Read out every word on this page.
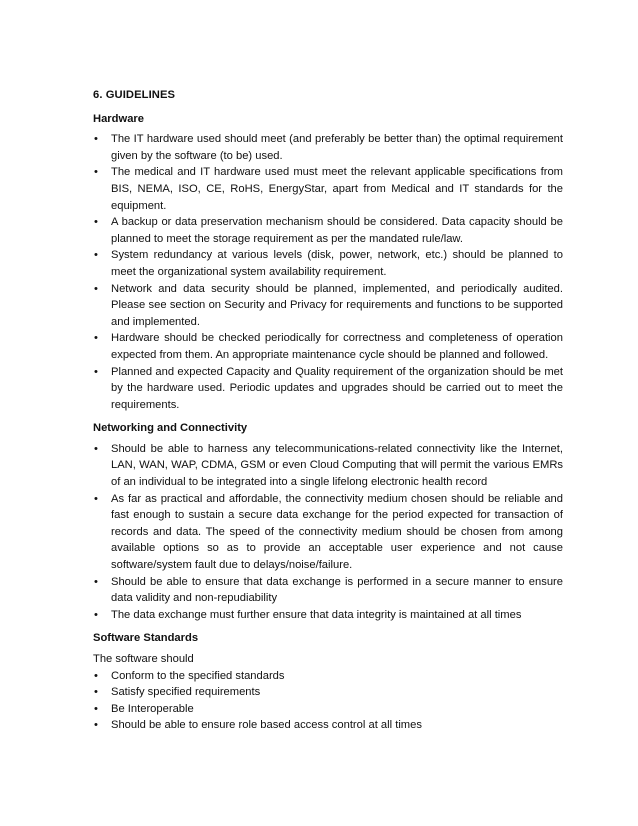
6. GUIDELINES
Hardware
•	The IT hardware used should meet (and preferably be better than) the optimal requirement given by the software (to be) used.
•	The medical and IT hardware used must meet the relevant applicable specifications from BIS, NEMA, ISO, CE, RoHS, EnergyStar, apart from Medical and IT standards for the equipment.
•	A backup or data preservation mechanism should be considered. Data capacity should be planned to meet the storage requirement as per the mandated rule/law.
•	System redundancy at various levels (disk, power, network, etc.) should be planned to meet the organizational system availability requirement.
•	Network and data security should be planned, implemented, and periodically audited. Please see section on Security and Privacy for requirements and functions to be supported and implemented.
•	Hardware should be checked periodically for correctness and completeness of operation expected from them. An appropriate maintenance cycle should be planned and followed.
•	Planned and expected Capacity and Quality requirement of the organization should be met by the hardware used. Periodic updates and upgrades should be carried out to meet the requirements.
Networking and Connectivity
•	Should be able to harness any telecommunications-related connectivity like the Internet, LAN, WAN, WAP, CDMA, GSM or even Cloud Computing that will permit the various EMRs of an individual to be integrated into a single lifelong electronic health record
•	As far as practical and affordable, the connectivity medium chosen should be reliable and fast enough to sustain a secure data exchange for the period expected for transaction of records and data. The speed of the connectivity medium should be chosen from among available options so as to provide an acceptable user experience and not cause software/system fault due to delays/noise/failure.
•	Should be able to ensure that data exchange is performed in a secure manner to ensure data validity and non-repudiability
•	The data exchange must further ensure that data integrity is maintained at all times
Software Standards
The software should
•	Conform to the specified standards
•	Satisfy specified requirements
•	Be Interoperable
•	Should be able to ensure role based access control at all times
